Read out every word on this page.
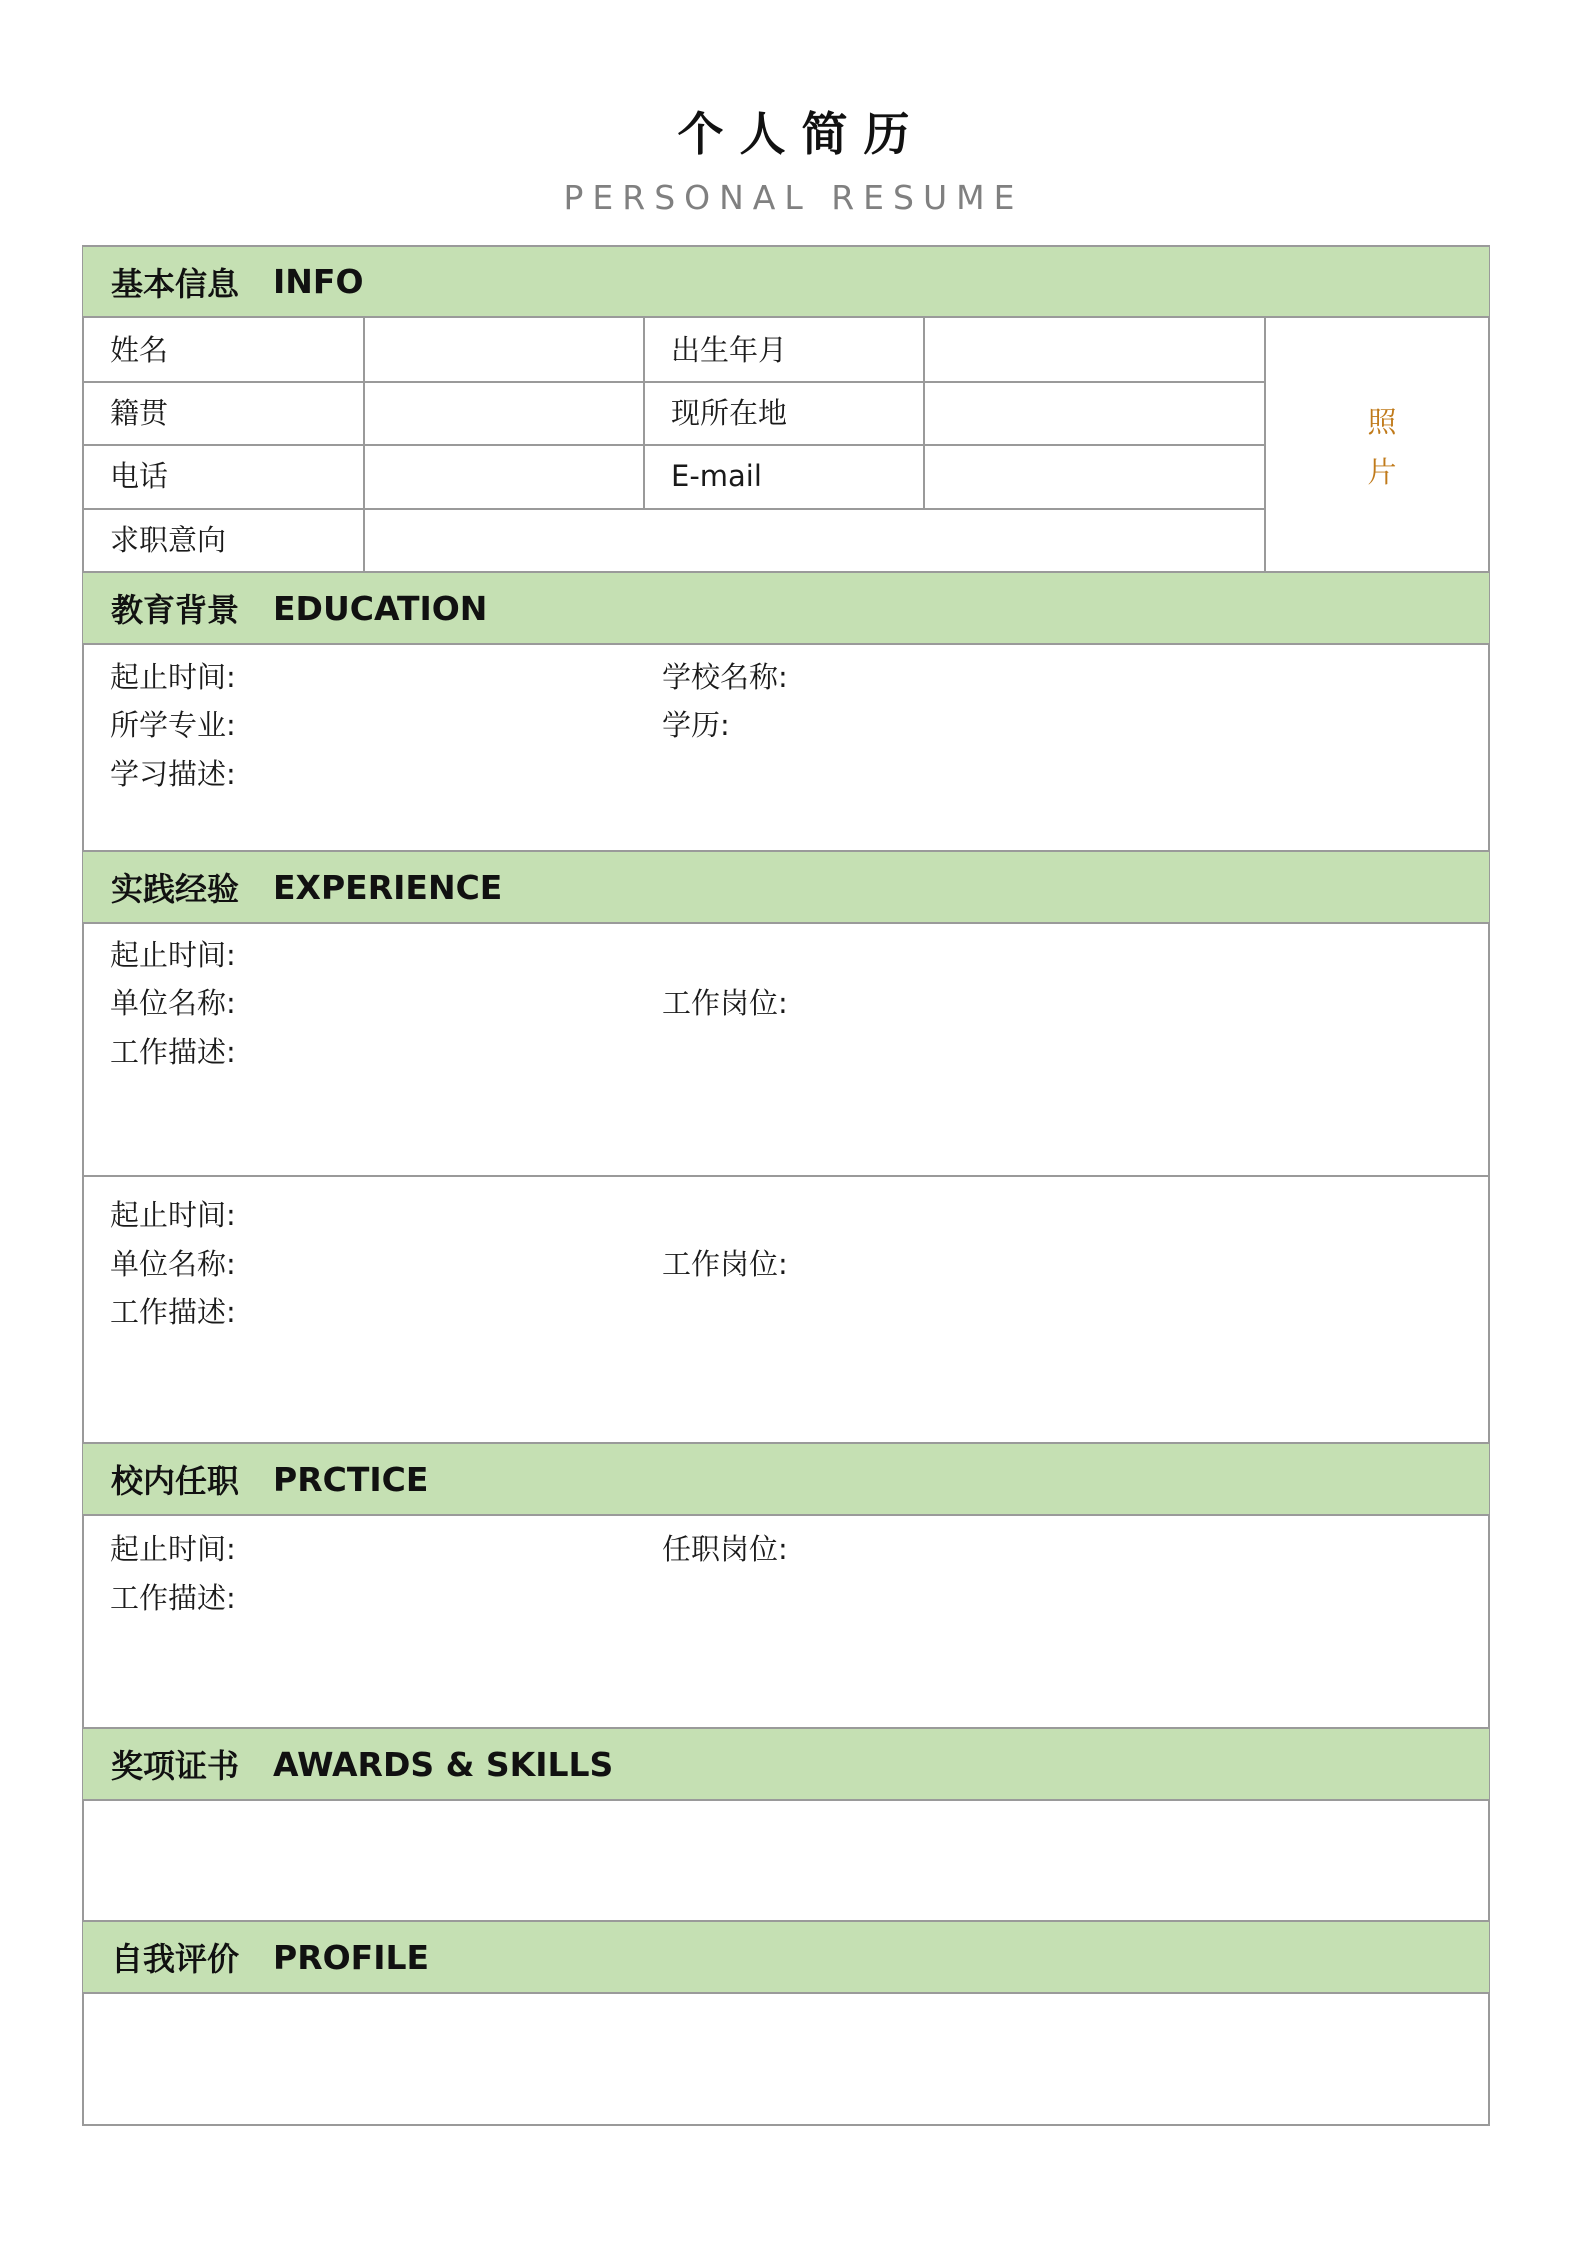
个 人 简 历
PERSONAL RESUME
基本信息 INFO
姓名	出生年月
籍贯	现所在地
电话	E-mail
求职意向
照
片
教育背景 EDUCATION
起止时间:	学校名称:
所学专业:	学历:
学习描述:
实践经验 EXPERIENCE
起止时间:
单位名称:	工作岗位:
工作描述:
起止时间:
单位名称:	工作岗位:
工作描述:
校内任职 PRCTICE
起止时间:	任职岗位:
工作描述:
奖项证书 AWARDS & SKILLS
自我评价 PROFILE
